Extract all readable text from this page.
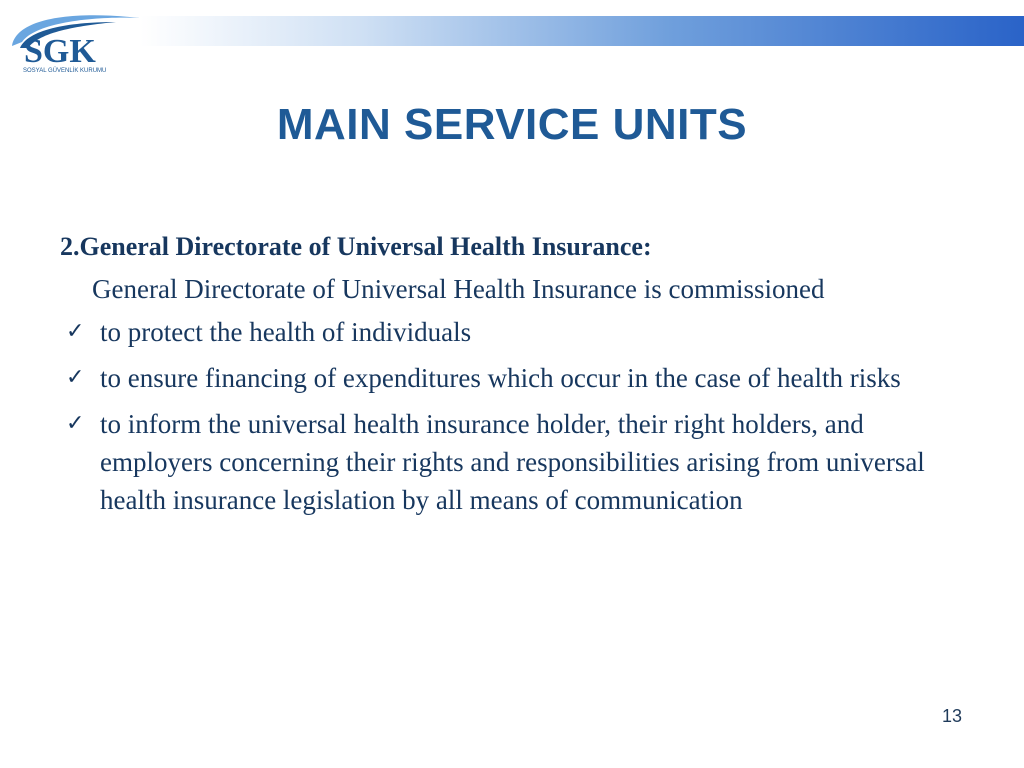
SGK
SOSYAL GÜVENLİK KURUMU
MAIN SERVICE UNITS
2.General Directorate of Universal Health Insurance:
General Directorate of Universal Health Insurance is commissioned
✓ to protect the health of individuals
✓ to ensure financing of expenditures which occur in the case of health risks
✓ to inform the universal health insurance holder, their right holders, and employers concerning their rights and responsibilities arising from universal health insurance legislation by all means of communication
13
